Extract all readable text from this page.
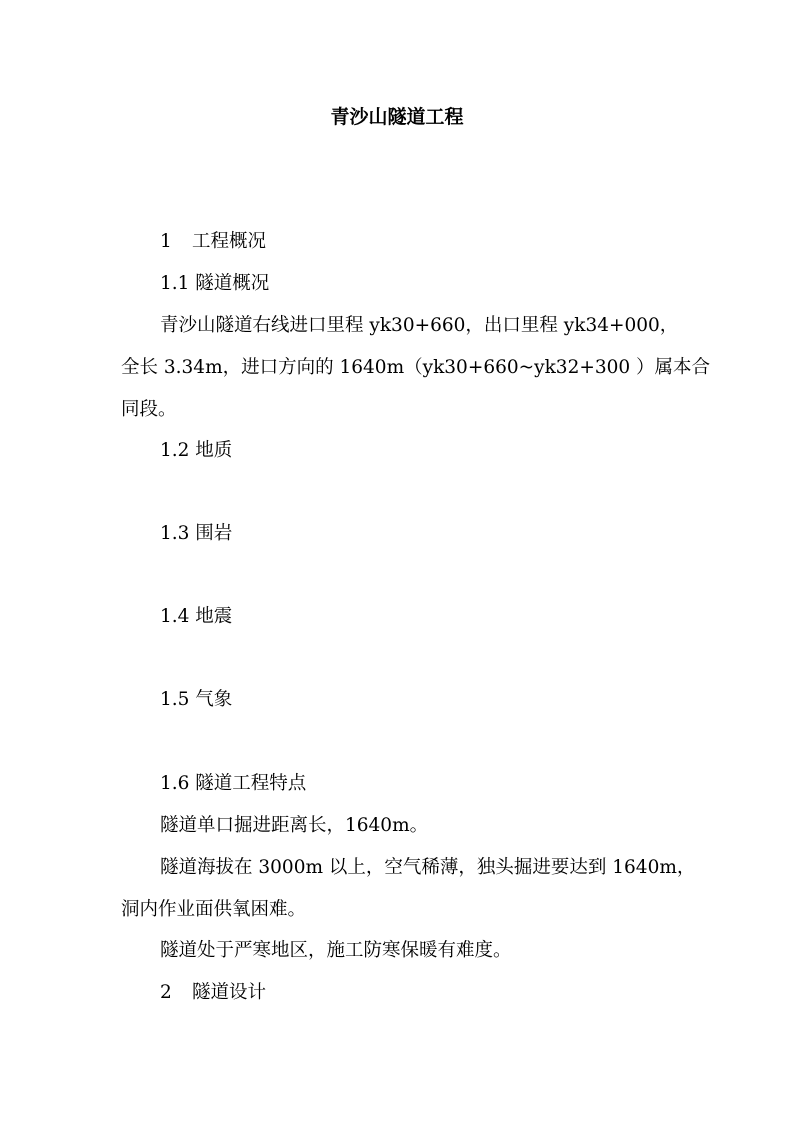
青沙山隧道工程
1 工程概况
1.1 隧道概况
青沙山隧道右线进口里程 yk30+660，出口里程 yk34+000，
全长 3.34m，进口方向的 1640m（yk30+660~yk32+300 ）属本合
同段。
1.2 地质
1.3 围岩
1.4 地震
1.5 气象
1.6 隧道工程特点
隧道单口掘进距离长，1640m。
隧道海拔在 3000m 以上，空气稀薄，独头掘进要达到 1640m，
洞内作业面供氧困难。
隧道处于严寒地区，施工防寒保暖有难度。
2 隧道设计
